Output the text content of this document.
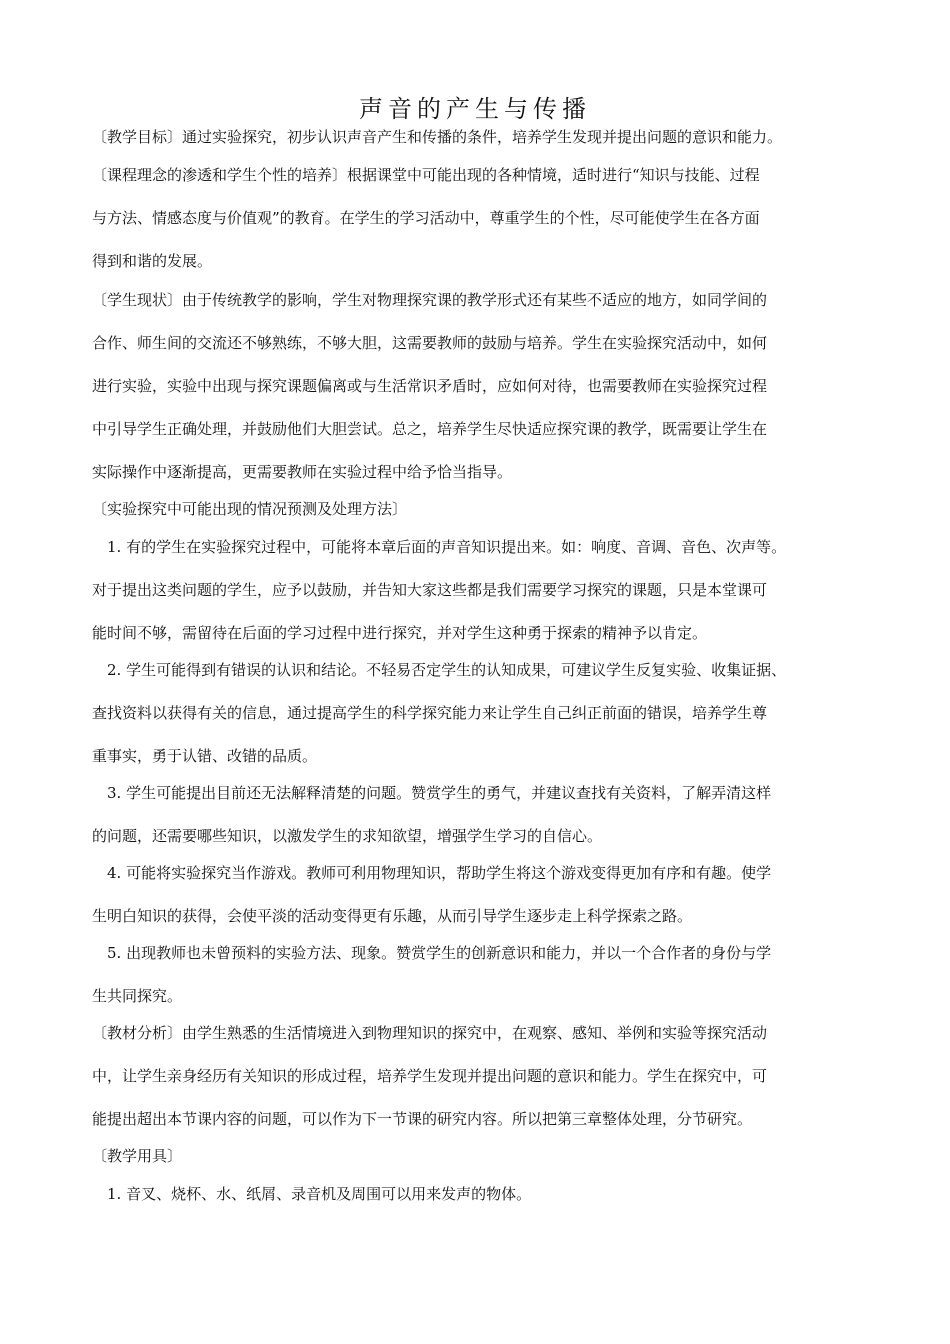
声音的产生与传播
〔教学目标〕通过实验探究，初步认识声音产生和传播的条件，培养学生发现并提出问题的意识和能力。
〔课程理念的渗透和学生个性的培养〕根据课堂中可能出现的各种情境，适时进行“知识与技能、过程
与方法、情感态度与价值观”的教育。在学生的学习活动中，尊重学生的个性，尽可能使学生在各方面
得到和谐的发展。
〔学生现状〕由于传统教学的影响，学生对物理探究课的教学形式还有某些不适应的地方，如同学间的
合作、师生间的交流还不够熟练，不够大胆，这需要教师的鼓励与培养。学生在实验探究活动中，如何
进行实验，实验中出现与探究课题偏离或与生活常识矛盾时，应如何对待，也需要教师在实验探究过程
中引导学生正确处理，并鼓励他们大胆尝试。总之，培养学生尽快适应探究课的教学，既需要让学生在
实际操作中逐渐提高，更需要教师在实验过程中给予恰当指导。
〔实验探究中可能出现的情况预测及处理方法〕
1. 有的学生在实验探究过程中，可能将本章后面的声音知识提出来。如：响度、音调、音色、次声等。
对于提出这类问题的学生，应予以鼓励，并告知大家这些都是我们需要学习探究的课题，只是本堂课可
能时间不够，需留待在后面的学习过程中进行探究，并对学生这种勇于探索的精神予以肯定。
2. 学生可能得到有错误的认识和结论。不轻易否定学生的认知成果，可建议学生反复实验、收集证据、
查找资料以获得有关的信息，通过提高学生的科学探究能力来让学生自己纠正前面的错误，培养学生尊
重事实，勇于认错、改错的品质。
3. 学生可能提出目前还无法解释清楚的问题。赞赏学生的勇气，并建议查找有关资料，了解弄清这样
的问题，还需要哪些知识，以激发学生的求知欲望，增强学生学习的自信心。
4. 可能将实验探究当作游戏。教师可利用物理知识，帮助学生将这个游戏变得更加有序和有趣。使学
生明白知识的获得，会使平淡的活动变得更有乐趣，从而引导学生逐步走上科学探索之路。
5. 出现教师也未曾预料的实验方法、现象。赞赏学生的创新意识和能力，并以一个合作者的身份与学
生共同探究。
〔教材分析〕由学生熟悉的生活情境进入到物理知识的探究中，在观察、感知、举例和实验等探究活动
中，让学生亲身经历有关知识的形成过程，培养学生发现并提出问题的意识和能力。学生在探究中，可
能提出超出本节课内容的问题，可以作为下一节课的研究内容。所以把第三章整体处理，分节研究。
〔教学用具〕
1. 音叉、烧杯、水、纸屑、录音机及周围可以用来发声的物体。
